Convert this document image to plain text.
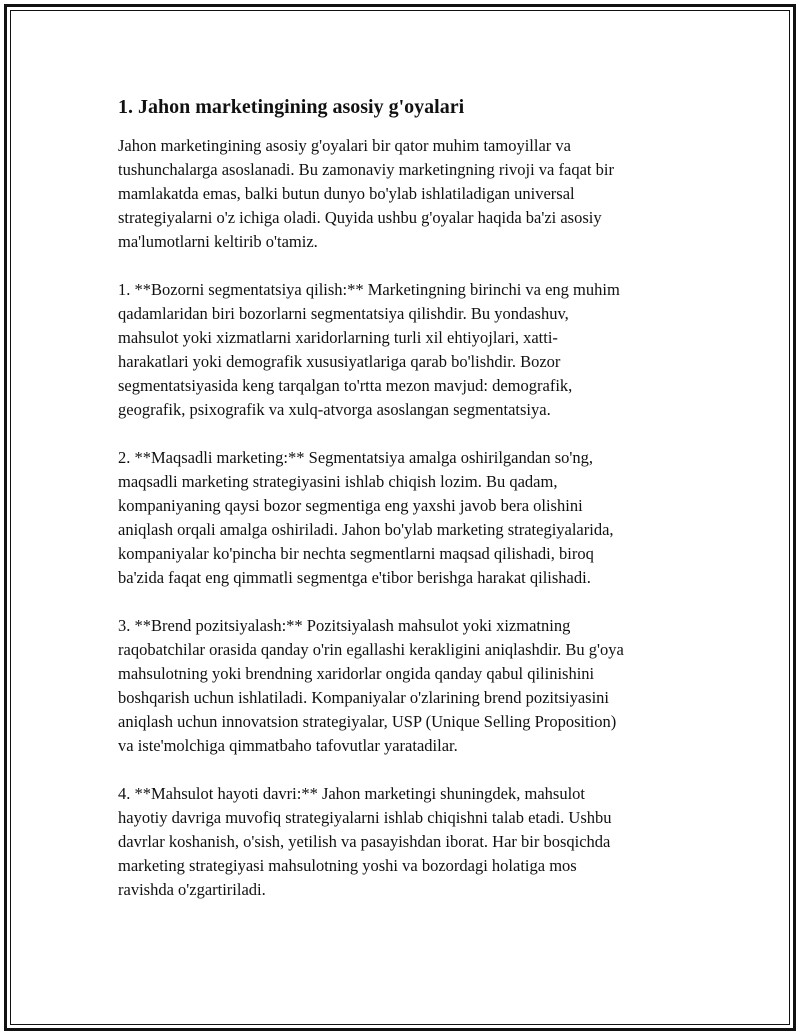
1. Jahon marketingining asosiy g'oyalari

Jahon marketingining asosiy g'oyalari bir qator muhim tamoyillar va
tushunchalarga asoslanadi. Bu zamonaviy marketingning rivoji va faqat bir
mamlakatda emas, balki butun dunyo bo'ylab ishlatiladigan universal
strategiyalarni o'z ichiga oladi. Quyida ushbu g'oyalar haqida ba'zi asosiy
ma'lumotlarni keltirib o'tamiz.

1. **Bozorni segmentatsiya qilish:** Marketingning birinchi va eng muhim
qadamlaridan biri bozorlarni segmentatsiya qilishdir. Bu yondashuv,
mahsulot yoki xizmatlarni xaridorlarning turli xil ehtiyojlari, xatti-
harakatlari yoki demografik xususiyatlariga qarab bo'lishdir. Bozor
segmentatsiyasida keng tarqalgan to'rtta mezon mavjud: demografik,
geografik, psixografik va xulq-atvorga asoslangan segmentatsiya.

2. **Maqsadli marketing:** Segmentatsiya amalga oshirilgandan so'ng,
maqsadli marketing strategiyasini ishlab chiqish lozim. Bu qadam,
kompaniyaning qaysi bozor segmentiga eng yaxshi javob bera olishini
aniqlash orqali amalga oshiriladi. Jahon bo'ylab marketing strategiyalarida,
kompaniyalar ko'pincha bir nechta segmentlarni maqsad qilishadi, biroq
ba'zida faqat eng qimmatli segmentga e'tibor berishga harakat qilishadi.

3. **Brend pozitsiyalash:** Pozitsiyalash mahsulot yoki xizmatning
raqobatchilar orasida qanday o'rin egallashi kerakligini aniqlashdir. Bu g'oya
mahsulotning yoki brendning xaridorlar ongida qanday qabul qilinishini
boshqarish uchun ishlatiladi. Kompaniyalar o'zlarining brend pozitsiyasini
aniqlash uchun innovatsion strategiyalar, USP (Unique Selling Proposition)
va iste'molchiga qimmatbaho tafovutlar yaratadilar.

4. **Mahsulot hayoti davri:** Jahon marketingi shuningdek, mahsulot
hayotiy davriga muvofiq strategiyalarni ishlab chiqishni talab etadi. Ushbu
davrlar koshanish, o'sish, yetilish va pasayishdan iborat. Har bir bosqichda
marketing strategiyasi mahsulotning yoshi va bozordagi holatiga mos
ravishda o'zgartiriladi.
